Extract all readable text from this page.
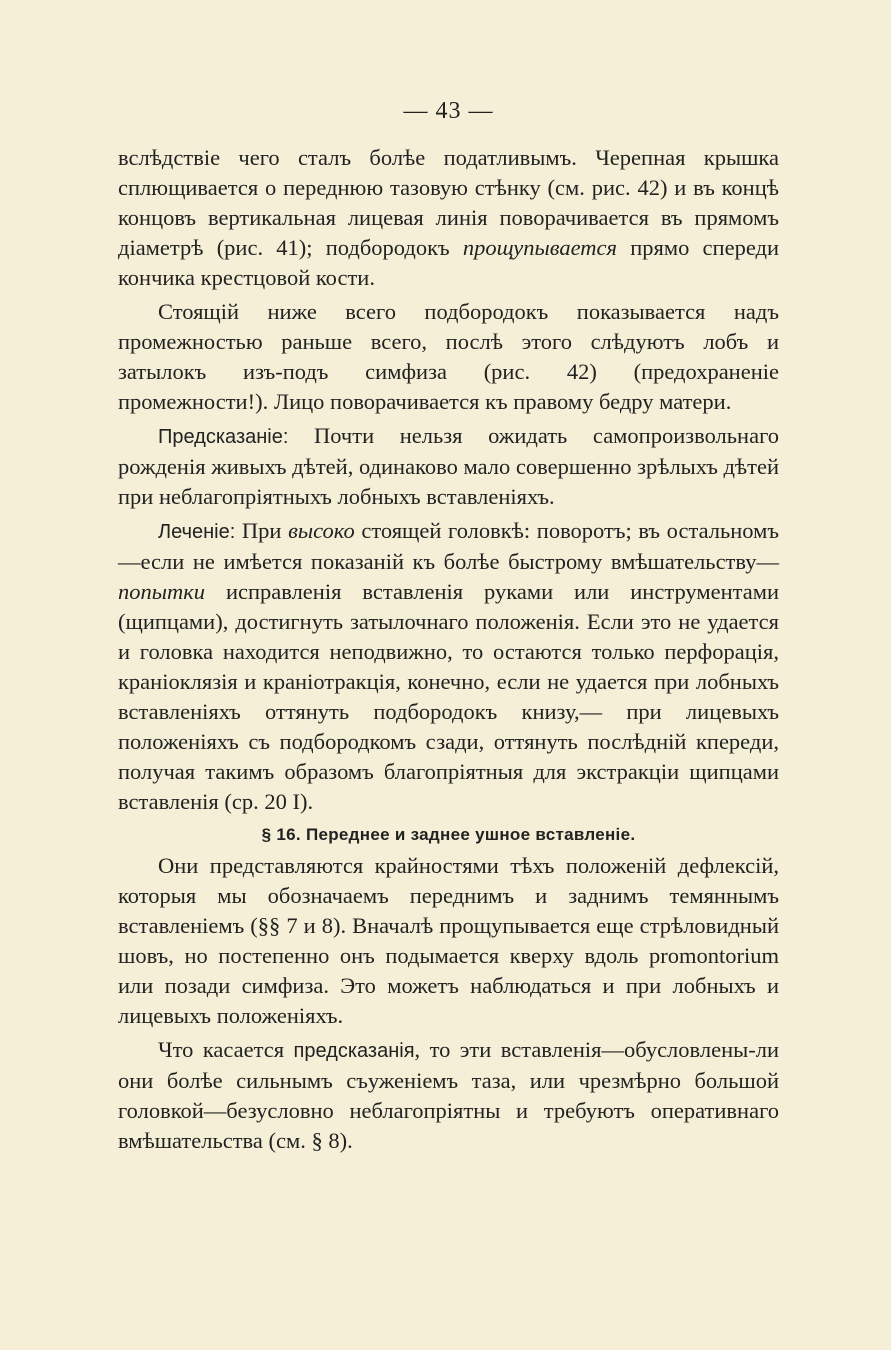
— 43 —

вслѣдствіе чего сталъ болѣе податливымъ. Черепная крышка сплющивается о переднюю тазовую стѣнку (см. рис. 42) и въ концѣ концовъ вертикальная лицевая линія поворачивается въ прямомъ діаметрѣ (рис. 41); подбородокъ прощупывается прямо спереди кончика крестцовой кости.

Стоящій ниже всего подбородокъ показывается надъ промежностью раньше всего, послѣ этого слѣдуютъ лобъ и затылокъ изъ-подъ симфиза (рис. 42) (предохраненіе промежности!). Лицо поворачивается къ правому бедру матери.

Предсказаніе: Почти нельзя ожидать самопроизвольнаго рожденія живыхъ дѣтей, одинаково мало совершенно зрѣлыхъ дѣтей при неблагопріятныхъ лобныхъ вставленіяхъ.

Леченіе: При высоко стоящей головкѣ: поворотъ; въ остальномъ—если не имѣется показаній къ болѣе быстрому вмѣшательству—попытки исправленія вставленія руками или инструментами (щипцами), достигнуть затылочнаго положенія. Если это не удается и головка находится неподвижно, то остаются только перфорація, краніоклязія и краніотракція, конечно, если не удается при лобныхъ вставленіяхъ оттянуть подбородокъ книзу,— при лицевыхъ положеніяхъ съ подбородкомъ сзади, оттянуть послѣдній кпереди, получая такимъ образомъ благопріятныя для экстракціи щипцами вставленія (ср. 20 I).

§ 16. Переднее и заднее ушное вставленіе.

Они представляются крайностями тѣхъ положеній дефлексій, которыя мы обозначаемъ переднимъ и заднимъ темяннымъ вставленіемъ (§§ 7 и 8). Вначалѣ прощупывается еще стрѣловидный шовъ, но постепенно онъ подымается кверху вдоль promontorium или позади симфиза. Это можетъ наблюдаться и при лобныхъ и лицевыхъ положеніяхъ.

Что касается предсказанія, то эти вставленія—обусловлены-ли они болѣе сильнымъ съуженіемъ таза, или чрезмѣрно большой головкой—безусловно неблагопріятны и требуютъ оперативнаго вмѣшательства (см. § 8).
